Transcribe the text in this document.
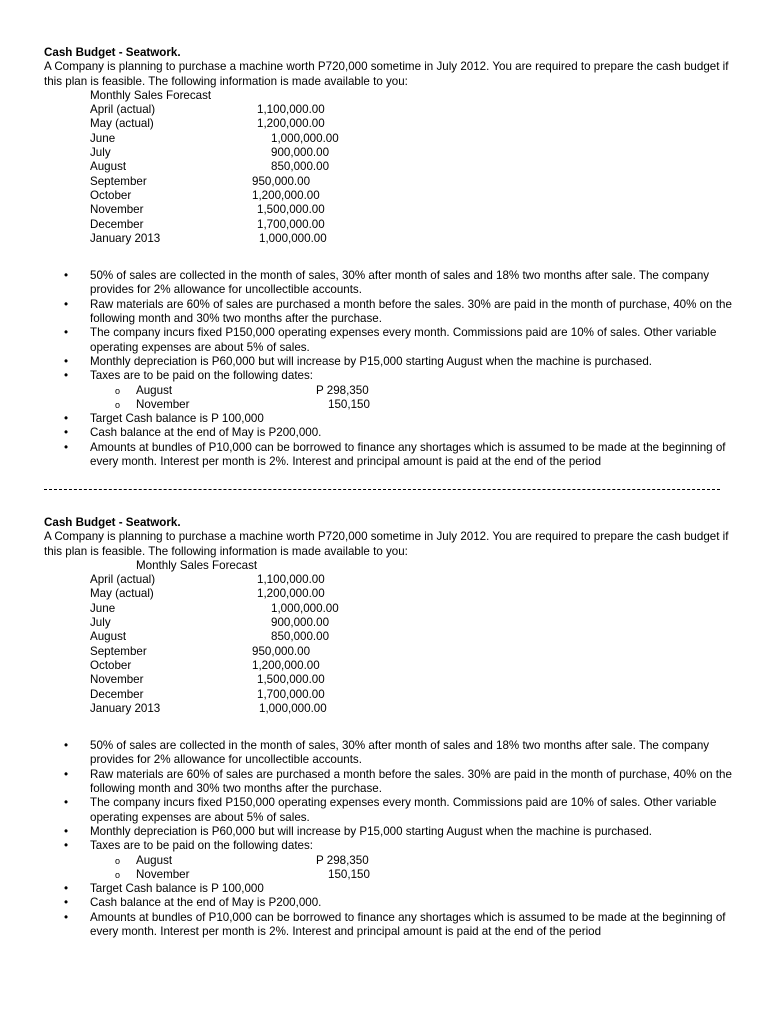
Cash Budget - Seatwork.
A Company is planning to purchase a machine worth P720,000 sometime in July 2012. You are required to prepare the cash budget if this plan is feasible. The following information is made available to you:
Monthly Sales Forecast
April (actual)	1,100,000.00
May (actual)	1,200,000.00
June	1,000,000.00
July	900,000.00
August	850,000.00
September	950,000.00
October	1,200,000.00
November	1,500,000.00
December	1,700,000.00
January 2013	1,000,000.00
• 50% of sales are collected in the month of sales, 30% after month of sales and 18% two months after sale. The company provides for 2% allowance for uncollectible accounts.
• Raw materials are 60% of sales are purchased a month before the sales. 30% are paid in the month of purchase, 40% on the following month and 30% two months after the purchase.
• The company incurs fixed P150,000 operating expenses every month. Commissions paid are 10% of sales. Other variable operating expenses are about 5% of sales.
• Monthly depreciation is P60,000 but will increase by P15,000 starting August when the machine is purchased.
• Taxes are to be paid on the following dates:
o August	P 298,350
o November	150,150
• Target Cash balance is P 100,000
• Cash balance at the end of May is P200,000.
• Amounts at bundles of P10,000 can be borrowed to finance any shortages which is assumed to be made at the beginning of every month. Interest per month is 2%. Interest and principal amount is paid at the end of the period
Cash Budget - Seatwork.
A Company is planning to purchase a machine worth P720,000 sometime in July 2012. You are required to prepare the cash budget if this plan is feasible. The following information is made available to you:
Monthly Sales Forecast
April (actual)	1,100,000.00
May (actual)	1,200,000.00
June	1,000,000.00
July	900,000.00
August	850,000.00
September	950,000.00
October	1,200,000.00
November	1,500,000.00
December	1,700,000.00
January 2013	1,000,000.00
• 50% of sales are collected in the month of sales, 30% after month of sales and 18% two months after sale. The company provides for 2% allowance for uncollectible accounts.
• Raw materials are 60% of sales are purchased a month before the sales. 30% are paid in the month of purchase, 40% on the following month and 30% two months after the purchase.
• The company incurs fixed P150,000 operating expenses every month. Commissions paid are 10% of sales. Other variable operating expenses are about 5% of sales.
• Monthly depreciation is P60,000 but will increase by P15,000 starting August when the machine is purchased.
• Taxes are to be paid on the following dates:
o August	P 298,350
o November	150,150
• Target Cash balance is P 100,000
• Cash balance at the end of May is P200,000.
• Amounts at bundles of P10,000 can be borrowed to finance any shortages which is assumed to be made at the beginning of every month. Interest per month is 2%. Interest and principal amount is paid at the end of the period
